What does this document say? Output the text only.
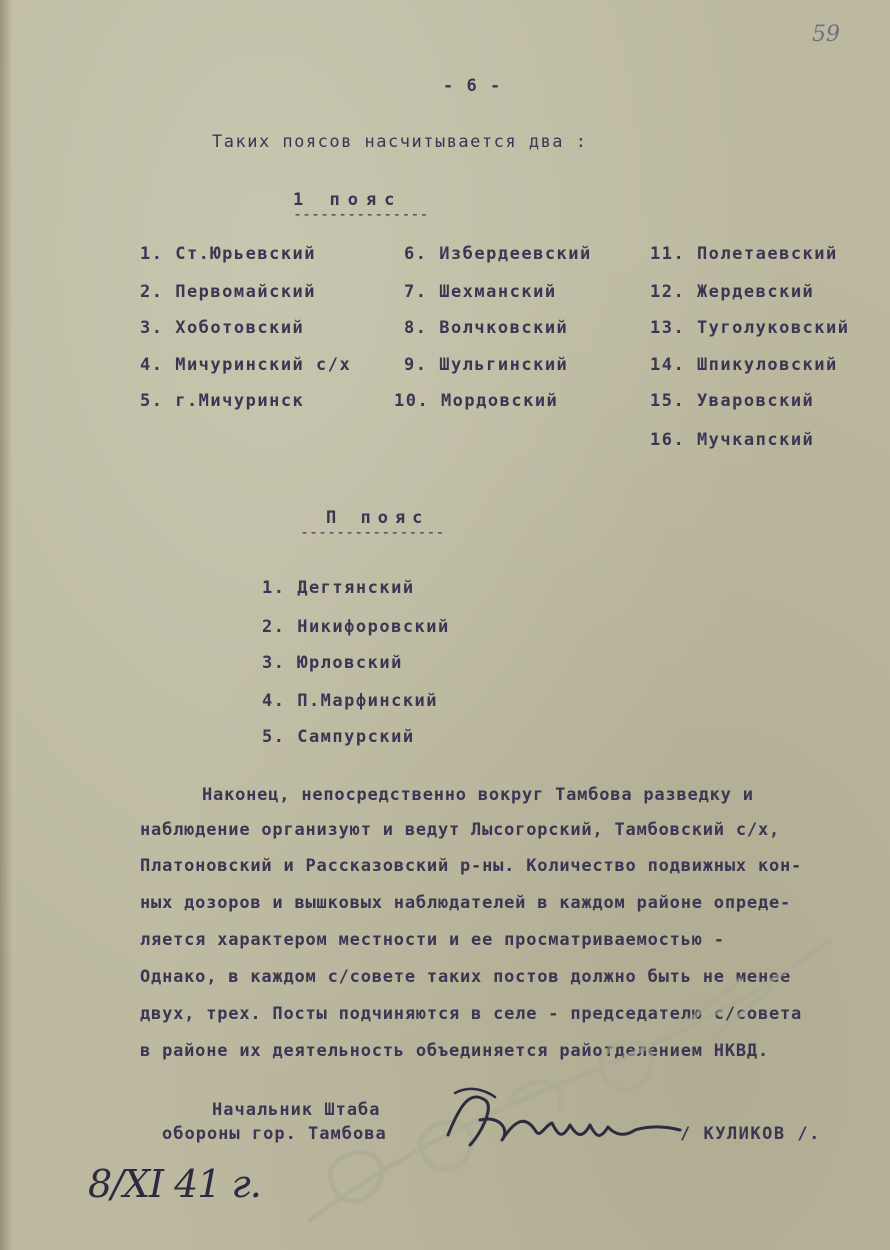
59
- 6 -
Таких поясов насчитывается два :
1 пояс
---------------
1. Ст.Юрьевский
2. Первомайский
3. Хоботовский
4. Мичуринский с/х
5. г.Мичуринск
6. Избердеевский
7. Шехманский
8. Волчковский
9. Шульгинский
10. Мордовский
11. Полетаевский
12. Жердевский
13. Туголуковский
14. Шпикуловский
15. Уваровский
16. Мучкапский
П пояс
----------------
1. Дегтянский
2. Никифоровский
3. Юрловский
4. П.Марфинский
5. Сампурский
Наконец, непосредственно вокруг Тамбова разведку и
наблюдение организуют и ведут Лысогорский, Тамбовский с/х,
Платоновский и Рассказовский р-ны. Количество подвижных кон-
ных дозоров и вышковых наблюдателей в каждом районе опреде-
ляется характером местности и ее просматриваемостью -
Однако, в каждом с/совете таких постов должно быть не менее
двух, трех. Посты подчиняются в селе - председателю с/совета
в районе их деятельность объединяется райотделением НКВД.
Начальник Штаба
обороны гор. Тамбова	/ КУЛИКОВ /.
8/XI 41 г.
